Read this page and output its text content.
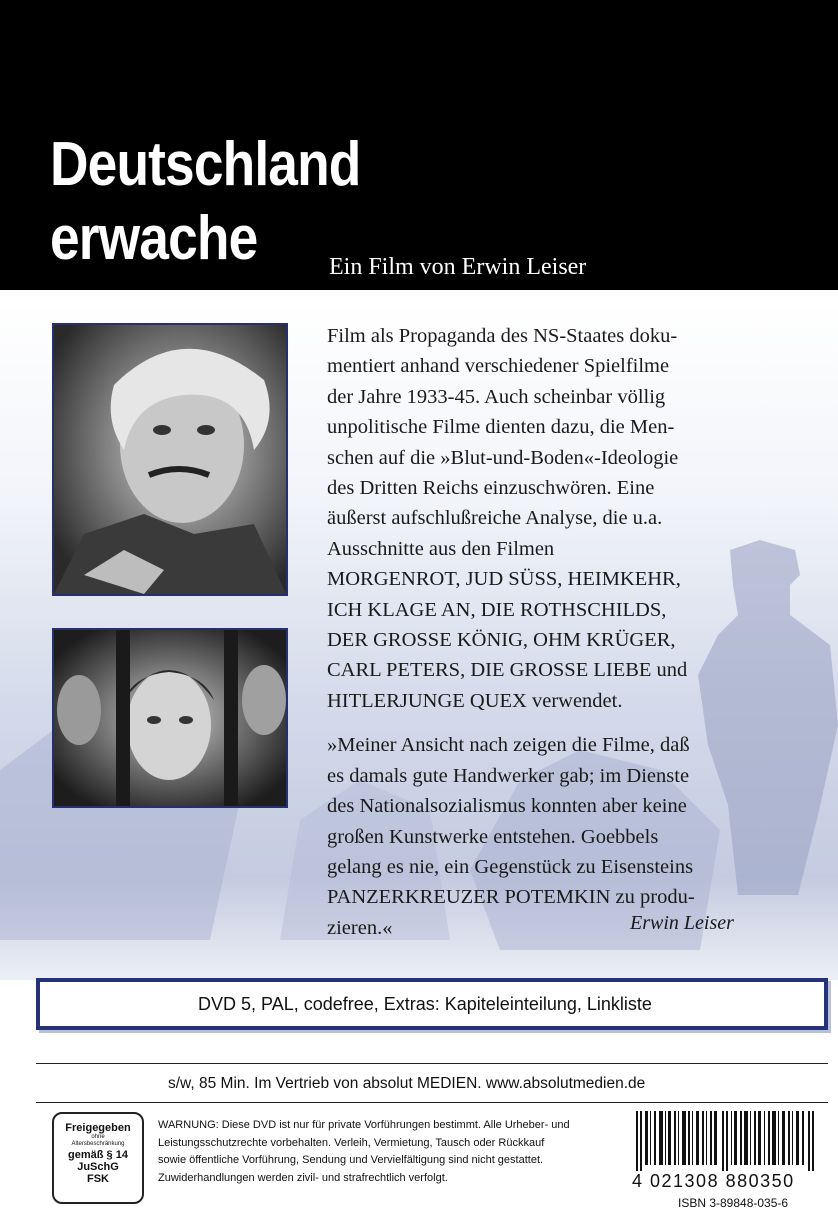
Deutschland
erwache	Ein Film von Erwin Leiser

Film als Propaganda des NS-Staates doku-
mentiert anhand verschiedener Spielfilme
der Jahre 1933-45. Auch scheinbar völlig
unpolitische Filme dienten dazu, die Men-
schen auf die »Blut-und-Boden«-Ideologie
des Dritten Reichs einzuschwören. Eine
äußerst aufschlußreiche Analyse, die u.a.
Ausschnitte aus den Filmen
MORGENROT, JUD SÜSS, HEIMKEHR,
ICH KLAGE AN, DIE ROTHSCHILDS,
DER GROSSE KÖNIG, OHM KRÜGER,
CARL PETERS, DIE GROSSE LIEBE und
HITLERJUNGE QUEX verwendet.

»Meiner Ansicht nach zeigen die Filme, daß
es damals gute Handwerker gab; im Dienste
des Nationalsozialismus konnten aber keine
großen Kunstwerke entstehen. Goebbels
gelang es nie, ein Gegenstück zu Eisensteins
PANZERKREUZER POTEMKIN zu produ-
zieren.«	Erwin Leiser
DVD 5, PAL, codefree, Extras: Kapiteleinteilung, Linkliste
s/w, 85 Min. Im Vertrieb von absolut MEDIEN. www.absolutmedien.de
Freigegeben
ohne
Altersbeschränkung
gemäß § 14
JuSchG
FSK
WARNUNG: Diese DVD ist nur für private Vorführungen bestimmt. Alle Urheber- und
Leistungsschutzrechte vorbehalten. Verleih, Vermietung, Tausch oder Rückkauf
sowie öffentliche Vorführung, Sendung und Vervielfältigung sind nicht gestattet.
Zuwiderhandlungen werden zivil- und strafrechtlich verfolgt.	4 021308 880350
ISBN 3-89848-035-6
